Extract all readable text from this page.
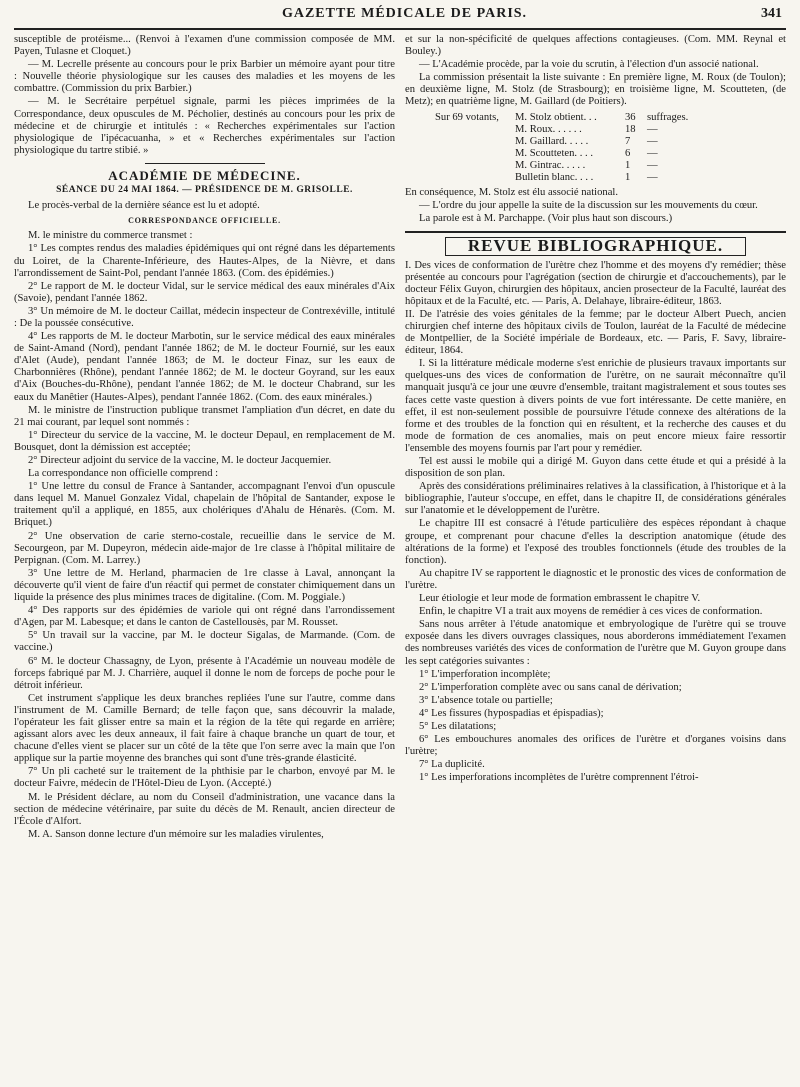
GAZETTE MÉDICALE DE PARIS.	341

susceptible de protéisme... (Renvoi à l'examen d'une commission composée de MM. Payen, Tulasne et Cloquet.)

— M. Lecrelle présente au concours pour le prix Barbier un mémoire ayant pour titre : Nouvelle théorie physiologique sur les causes des maladies et les moyens de les combattre. (Commission du prix Barbier.)

— M. le Secrétaire perpétuel signale, parmi les pièces imprimées de la Correspondance, deux opuscules de M. Pécholier, destinés au concours pour les prix de médecine et de chirurgie et intitulés : « Recherches expérimentales sur l'action physiologique de l'ipécacuanha, » et « Recherches expérimentales sur l'action physiologique du tartre stibié. »

ACADÉMIE DE MÉDECINE.
SÉANCE DU 24 MAI 1864. — PRÉSIDENCE DE M. GRISOLLE.

Le procès-verbal de la dernière séance est lu et adopté.

CORRESPONDANCE OFFICIELLE.

M. le ministre du commerce transmet :

1° Les comptes rendus des maladies épidémiques qui ont régné dans les départements du Loiret, de la Charente-Inférieure, des Hautes-Alpes, de la Nièvre, et dans l'arrondissement de Saint-Pol, pendant l'année 1863. (Com. des épidémies.)

2° Le rapport de M. le docteur Vidal, sur le service médical des eaux minérales d'Aix (Savoie), pendant l'année 1862.

3° Un mémoire de M. le docteur Caillat, médecin inspecteur de Contrexéville, intitulé : De la poussée consécutive.

4° Les rapports de M. le docteur Marbotin, sur le service médical des eaux minérales de Saint-Amand (Nord), pendant l'année 1862; de M. le docteur Fournié, sur les eaux d'Alet (Aude), pendant l'année 1863; de M. le docteur Finaz, sur les eaux de Charbonnières (Rhône), pendant l'année 1862; de M. le docteur Goyrand, sur les eaux d'Aix (Bouches-du-Rhône), pendant l'année 1862; de M. le docteur Chabrand, sur les eaux du Manêtier (Hautes-Alpes), pendant l'année 1862. (Com. des eaux minérales.)

M. le ministre de l'instruction publique transmet l'ampliation d'un décret, en date du 21 mai courant, par lequel sont nommés :

1° Directeur du service de la vaccine, M. le docteur Depaul, en remplacement de M. Bousquet, dont la démission est acceptée;

2° Directeur adjoint du service de la vaccine, M. le docteur Jacquemier.

La correspondance non officielle comprend :

1° Une lettre du consul de France à Santander, accompagnant l'envoi d'un opuscule dans lequel M. Manuel Gonzalez Vidal, chapelain de l'hôpital de Santander, expose le traitement qu'il a appliqué, en 1855, aux cholériques d'Ahalu de Hénarès. (Com. M. Briquet.)

2° Une observation de carie sterno-costale, recueillie dans le service de M. Secourgeon, par M. Dupeyron, médecin aide-major de 1re classe à l'hôpital militaire de Perpignan. (Com. M. Larrey.)

3° Une lettre de M. Herland, pharmacien de 1re classe à Laval, annonçant la découverte qu'il vient de faire d'un réactif qui permet de constater chimiquement dans un liquide la présence des plus minimes traces de digitaline. (Com. M. Poggiale.)

4° Des rapports sur des épidémies de variole qui ont régné dans l'arrondissement d'Agen, par M. Labesque; et dans le canton de Castellousès, par M. Rousset.

5° Un travail sur la vaccine, par M. le docteur Sigalas, de Marmande. (Com. de vaccine.)

6° M. le docteur Chassagny, de Lyon, présente à l'Académie un nouveau modèle de forceps fabriqué par M. J. Charrière, auquel il donne le nom de forceps de poche pour le détroit inférieur.

Cet instrument s'applique les deux branches repliées l'une sur l'autre, comme dans l'instrument de M. Camille Bernard; de telle façon que, sans découvrir la malade, l'opérateur les fait glisser entre sa main et la région de la tête qui regarde en arrière; agissant alors avec les deux anneaux, il fait faire à chaque branche un quart de tour, et chacune d'elles vient se placer sur un côté de la tête que l'on serre avec la main que l'on applique sur la partie moyenne des branches qui sont d'une très-grande élasticité.

7° Un pli cacheté sur le traitement de la phthisie par le charbon, envoyé par M. le docteur Faivre, médecin de l'Hôtel-Dieu de Lyon. (Accepté.)

M. le Président déclare, au nom du Conseil d'administration, une vacance dans la section de médecine vétérinaire, par suite du décès de M. Renault, ancien directeur de l'École d'Alfort.

M. A. Sanson donne lecture d'un mémoire sur les maladies virulentes,

et sur la non-spécificité de quelques affections contagieuses. (Com. MM. Reynal et Bouley.)

— L'Académie procède, par la voie du scrutin, à l'élection d'un associé national.

La commission présentait la liste suivante : En première ligne, M. Roux (de Toulon); en deuxième ligne, M. Stolz (de Strasbourg); en troisième ligne, M. Scoutteten, (de Metz); en quatrième ligne, M. Gaillard (de Poitiers).

Sur 69 votants,	M. Stolz obtient. . .	36	suffrages.
M. Roux. . . . . .	18	—
M. Gaillard. . . . .	7	—
M. Scoutteten. . . .	6	—
M. Gintrac. . . . .	1	—
Bulletin blanc. . . .	1	—

En conséquence, M. Stolz est élu associé national.

— L'ordre du jour appelle la suite de la discussion sur les mouvements du cœur.

La parole est à M. Parchappe. (Voir plus haut son discours.)

REVUE BIBLIOGRAPHIQUE.

I. Des vices de conformation de l'urètre chez l'homme et des moyens d'y remédier; thèse présentée au concours pour l'agrégation (section de chirurgie et d'accouchements), par le docteur Félix Guyon, chirurgien des hôpitaux, ancien prosecteur de la Faculté, lauréat des hôpitaux et de la Faculté, etc. — Paris, A. Delahaye, libraire-éditeur, 1863.

II. De l'atrésie des voies génitales de la femme; par le docteur Albert Puech, ancien chirurgien chef interne des hôpitaux civils de Toulon, lauréat de la Faculté de médecine de Montpellier, de la Société impériale de Bordeaux, etc. — Paris, F. Savy, libraire-éditeur, 1864.

I. Si la littérature médicale moderne s'est enrichie de plusieurs travaux importants sur quelques-uns des vices de conformation de l'urètre, on ne saurait méconnaître qu'il manquait jusqu'à ce jour une œuvre d'ensemble, traitant magistralement et sous toutes ses faces cette vaste question à divers points de vue fort intéressante. De cette manière, en effet, il est non-seulement possible de poursuivre l'étude connexe des altérations de la forme et des troubles de la fonction qui en résultent, et la recherche des causes et du mode de formation de ces anomalies, mais on peut encore mieux faire ressortir l'ensemble des moyens fournis par l'art pour y remédier.

Tel est aussi le mobile qui a dirigé M. Guyon dans cette étude et qui a présidé à la disposition de son plan.

Après des considérations préliminaires relatives à la classification, à l'historique et à la bibliographie, l'auteur s'occupe, en effet, dans le chapitre II, de considérations générales sur l'anatomie et le développement de l'urètre.

Le chapitre III est consacré à l'étude particulière des espèces répondant à chaque groupe, et comprenant pour chacune d'elles la description anatomique (étude des altérations de la forme) et l'exposé des troubles fonctionnels (étude des troubles de la fonction).

Au chapitre IV se rapportent le diagnostic et le pronostic des vices de conformation de l'urètre.

Leur étiologie et leur mode de formation embrassent le chapitre V.

Enfin, le chapitre VI a trait aux moyens de remédier à ces vices de conformation.

Sans nous arrêter à l'étude anatomique et embryologique de l'urètre qui se trouve exposée dans les divers ouvrages classiques, nous aborderons immédiatement l'examen des nombreuses variétés des vices de conformation de l'urètre que M. Guyon groupe dans les sept catégories suivantes :

1° L'imperforation incomplète;

2° L'imperforation complète avec ou sans canal de dérivation;

3° L'absence totale ou partielle;

4° Les fissures (hypospadias et épispadias);

5° Les dilatations;

6° Les embouchures anomales des orifices de l'urètre et d'organes voisins dans l'urètre;

7° La duplicité.

1° Les imperforations incomplètes de l'urètre comprennent l'étroi-
